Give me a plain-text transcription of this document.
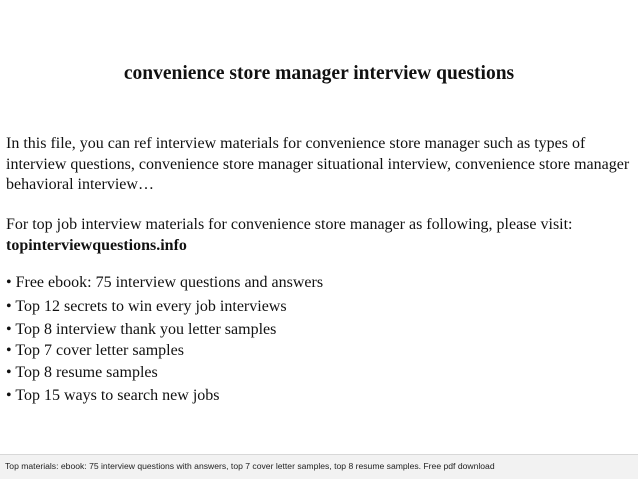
convenience store manager interview questions
In this file, you can ref interview materials for convenience store manager such as types of interview questions, convenience store manager situational interview, convenience store manager behavioral interview…
For top job interview materials for convenience store manager as following, please visit: topinterviewquestions.info
• Free ebook: 75 interview questions and answers
• Top 12 secrets to win every job interviews
• Top 8 interview thank you letter samples
• Top 7 cover letter samples
• Top 8 resume samples
• Top 15 ways to search new jobs
Top materials: ebook: 75 interview questions with answers, top 7 cover letter samples, top 8 resume samples. Free pdf download
